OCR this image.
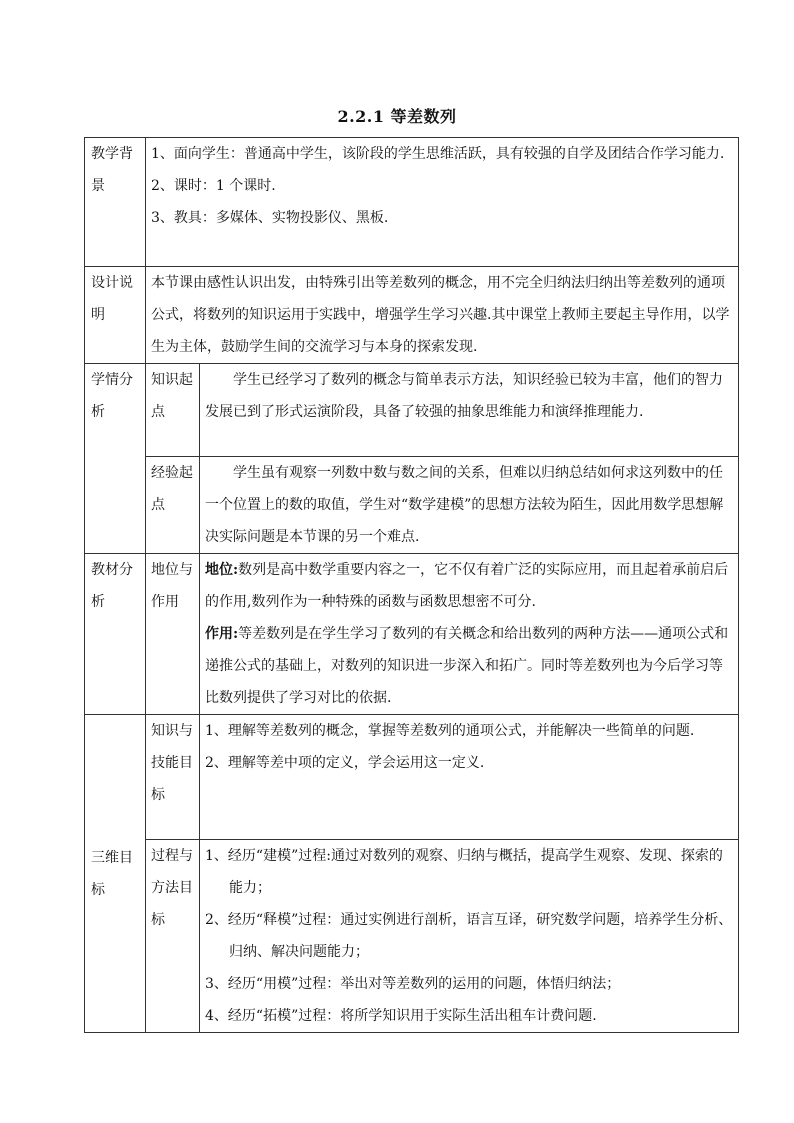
2.2.1 等差数列
教学背景	1、面向学生：普通高中学生，该阶段的学生思维活跃，具有较强的自学及团结合作学习能力.
2、课时：1 个课时.
3、教具：多媒体、实物投影仪、黑板.	

设计说明	本节课由感性认识出发，由特殊引出等差数列的概念，用不完全归纳法归纳出等差数列的通项公式，将数列的知识运用于实践中，增强学生学习兴趣.其中课堂上教师主要起主导作用，以学生为主体，鼓励学生间的交流学习与本身的探索发现.	
学情分析	知识起点	学生已经学习了数列的概念与简单表示方法，知识经验已较为丰富，他们的智力发展已到了形式运演阶段，具备了较强的抽象思维能力和演绎推理能力.

	经验起点	学生虽有观察一列数中数与数之间的关系，但难以归纳总结如何求这列数中的任一个位置上的数的取值，学生对“数学建模”的思想方法较为陌生，因此用数学思想解决实际问题是本节课的另一个难点.

教材分析	地位与作用	地位:数列是高中数学重要内容之一，它不仅有着广泛的实际应用，而且起着承前启后的作用,数列作为一种特殊的函数与函数思想密不可分.
作用:等差数列是在学生学习了数列的有关概念和给出数列的两种方法——通项公式和递推公式的基础上，对数列的知识进一步深入和拓广。同时等差数列也为今后学习等比数列提供了学习对比的依据.
三维目标	知识与技能目标	1、理解等差数列的概念，掌握等差数列的通项公式，并能解决一些简单的问题.
2、理解等差中项的定义，学会运用这一定义.

	过程与方法目标	1、经历“建模”过程:通过对数列的观察、归纳与概括，提高学生观察、发现、探索的能力；
2、经历“释模”过程：通过实例进行剖析，语言互译，研究数学问题，培养学生分析、归纳、解决问题能力；
3、经历“用模”过程：举出对等差数列的运用的问题，体悟归纳法；
4、经历“拓模”过程：将所学知识用于实际生活出租车计费问题.
